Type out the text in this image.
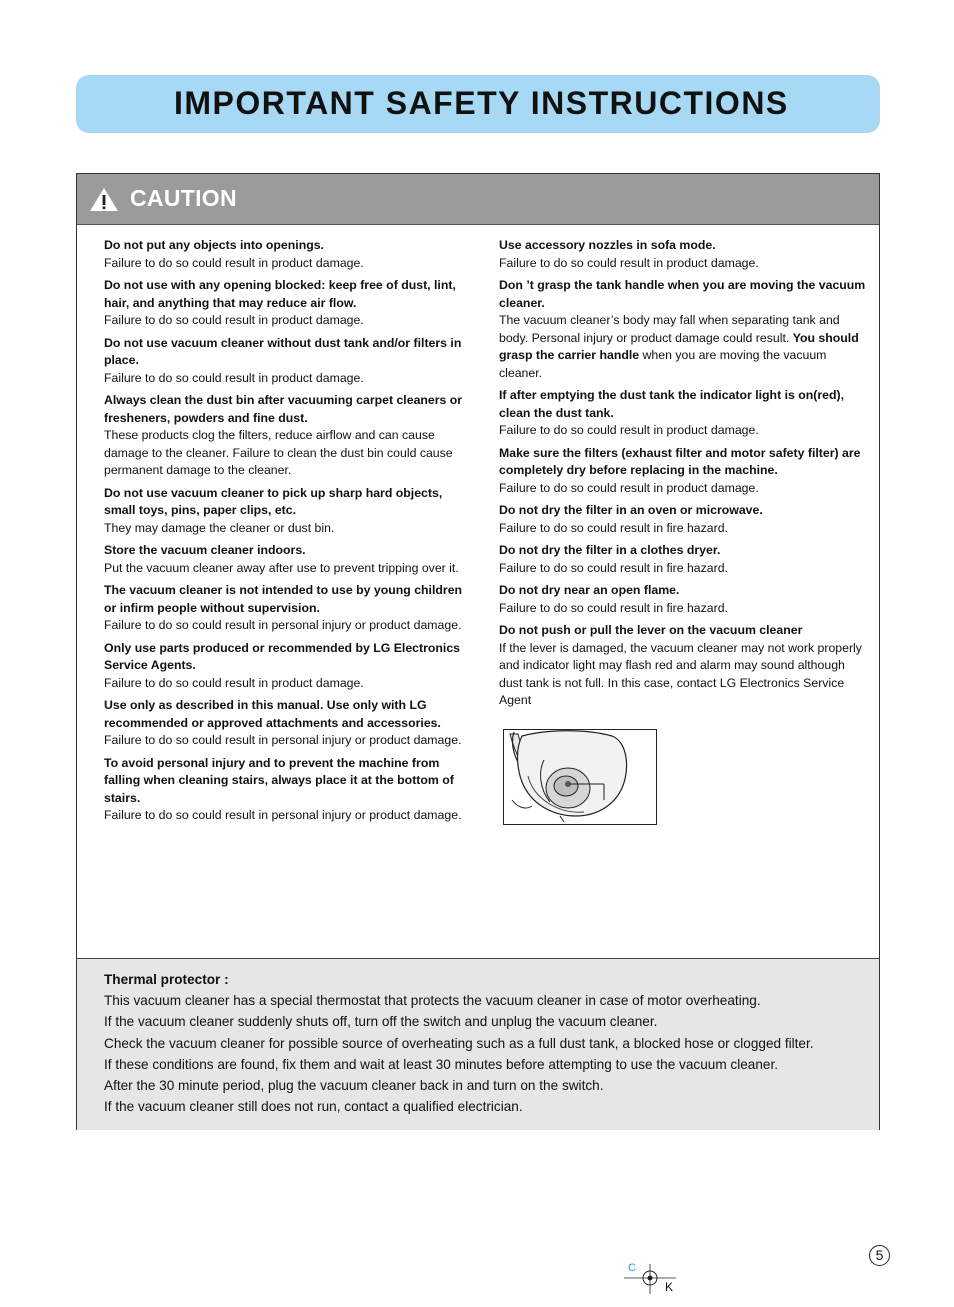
IMPORTANT SAFETY INSTRUCTIONS
CAUTION
Do not put any objects into openings.
Failure to do so could result in product damage.
Do not use with any opening blocked: keep free of dust, lint, hair, and anything that may reduce air flow.
Failure to do so could result in product damage.
Do not use vacuum cleaner without dust tank and/or filters in place.
Failure to do so could result in product damage.
Always clean the dust bin after vacuuming carpet cleaners or fresheners, powders and fine dust.
These products clog the filters, reduce airflow and can cause damage to the cleaner. Failure to clean the dust bin could cause permanent damage to the cleaner.
Do not use vacuum cleaner to pick up sharp hard objects, small toys, pins, paper clips, etc.
They may damage the cleaner or dust bin.
Store the vacuum cleaner indoors.
Put the vacuum cleaner away after use to prevent tripping over it.
The vacuum cleaner is not intended to use by young children or infirm people without supervision.
Failure to do so could result in personal injury or product damage.
Only use parts produced or recommended by LG Electronics Service Agents.
Failure to do so could result in product damage.
Use only as described in this manual. Use only with LG recommended or approved attachments and accessories.
Failure to do so could result in personal injury or product damage.
To avoid personal injury and to prevent the machine from falling when cleaning stairs, always place it at the bottom of stairs.
Failure to do so could result in personal injury or product damage.
Use accessory nozzles in sofa mode.
Failure to do so could result in product damage.
Don ’t grasp the tank handle when you are moving the vacuum cleaner.
The vacuum cleaner’s body may fall when separating tank and body. Personal injury or product damage could result. You should grasp the carrier handle when you are moving the vacuum cleaner.
If after emptying the dust tank the indicator light is on(red), clean the dust tank.
Failure to do so could result in product damage.
Make sure the filters (exhaust filter and motor safety filter) are completely dry before replacing in the machine.
Failure to do so could result in product damage.
Do not dry the filter in an oven or microwave.
Failure to do so could result in fire hazard.
Do not dry the filter in a clothes dryer.
Failure to do so could result in fire hazard.
Do not dry near an open flame.
Failure to do so could result in fire hazard.
Do not push or pull the lever on the vacuum cleaner
If the lever is damaged, the vacuum cleaner may not work properly and indicator light may flash red and alarm may sound although dust tank is not full. In this case, contact LG Electronics Service Agent
Thermal protector :
This vacuum cleaner has a special thermostat that protects the vacuum cleaner in case of motor overheating.
If the vacuum cleaner suddenly shuts off, turn off the switch and unplug the vacuum cleaner.
Check the vacuum cleaner for possible source of overheating such as a full dust tank, a blocked hose or clogged filter.
If these conditions are found, fix them and wait at least 30 minutes before attempting to use the vacuum cleaner.
After the 30 minute period, plug the vacuum cleaner back in and turn on the switch.
If the vacuum cleaner still does not run, contact a qualified electrician.
5
C
K
